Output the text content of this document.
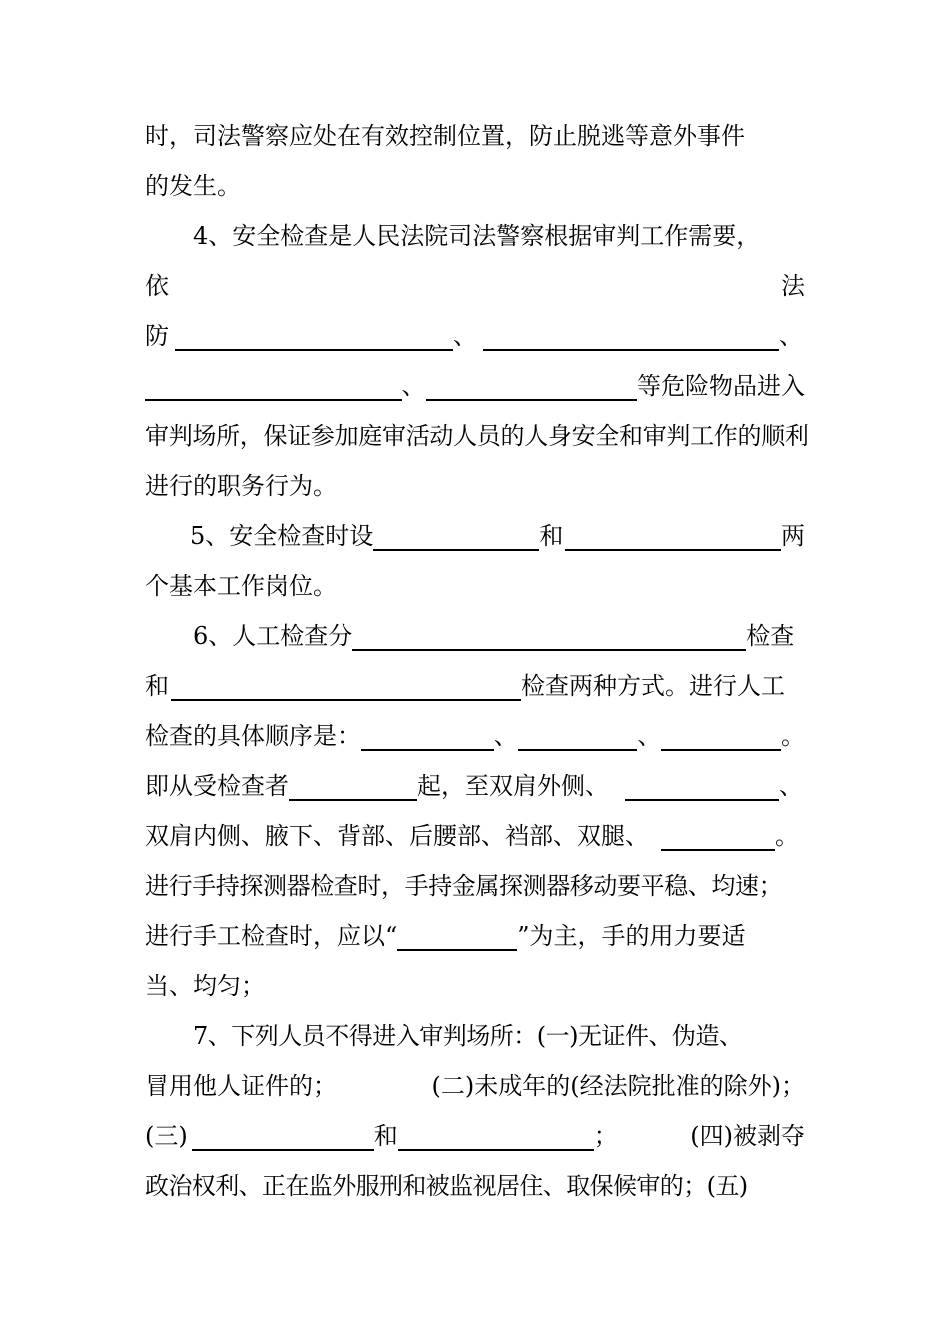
时，司法警察应处在有效控制位置，防止脱逃等意外事件
的发生。
4、安全检查是人民法院司法警察根据审判工作需要，
依	法
防	、	、
、	等危险物品进入
审判场所，保证参加庭审活动人员的人身安全和审判工作的顺利
进行的职务行为。
5、安全检查时设	和	两
个基本工作岗位。
6、人工检查分	检查
和	检查两种方式。进行人工
检查的具体顺序是：	、	、	。
即从受检查者	起，至双肩外侧、	、
双肩内侧、腋下、背部、后腰部、裆部、双腿、	。
进行手持探测器检查时，手持金属探测器移动要平稳、均速；
进行手工检查时，应以“	”为主，手的用力要适
当、均匀；
7、下列人员不得进入审判场所：(一)无证件、伪造、
冒用他人证件的；	(二)未成年的(经法院批准的除外)；
(三)	和	；	(四)被剥夺
政治权利、正在监外服刑和被监视居住、取保候审的；(五)
